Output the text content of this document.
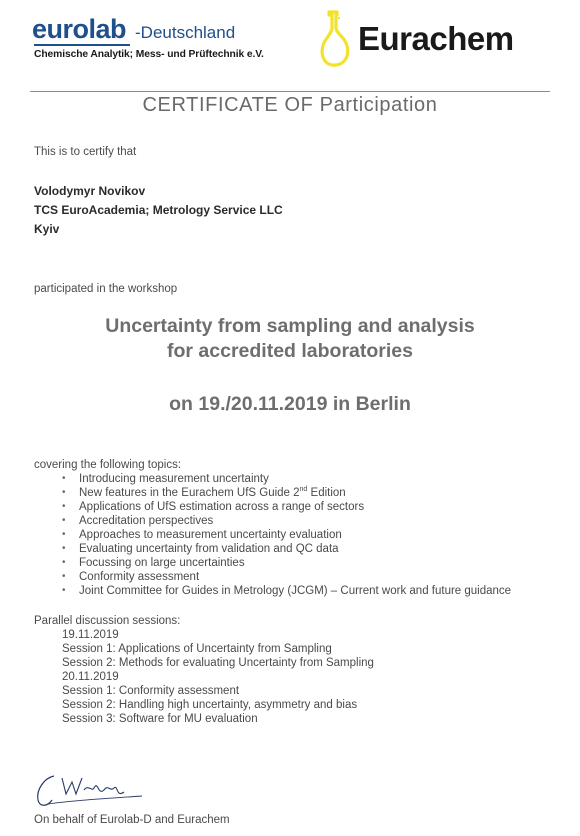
eurolab -Deutschland
Chemische Analytik; Mess- und Prüftechnik e.V.	Eurachem
CERTIFICATE OF Participation
This is to certify that
Volodymyr Novikov
TCS EuroAcademia; Metrology Service LLC
Kyiv
participated in the workshop
Uncertainty from sampling and analysis
for accredited laboratories
on 19./20.11.2019 in Berlin
covering the following topics:
• Introducing measurement uncertainty
• New features in the Eurachem UfS Guide 2nd Edition
• Applications of UfS estimation across a range of sectors
• Accreditation perspectives
• Approaches to measurement uncertainty evaluation
• Evaluating uncertainty from validation and QC data
• Focussing on large uncertainties
• Conformity assessment
• Joint Committee for Guides in Metrology (JCGM) – Current work and future guidance
Parallel discussion sessions:
19.11.2019
Session 1: Applications of Uncertainty from Sampling
Session 2: Methods for evaluating Uncertainty from Sampling
20.11.2019
Session 1: Conformity assessment
Session 2: Handling high uncertainty, asymmetry and bias
Session 3: Software for MU evaluation
On behalf of Eurolab-D and Eurachem
